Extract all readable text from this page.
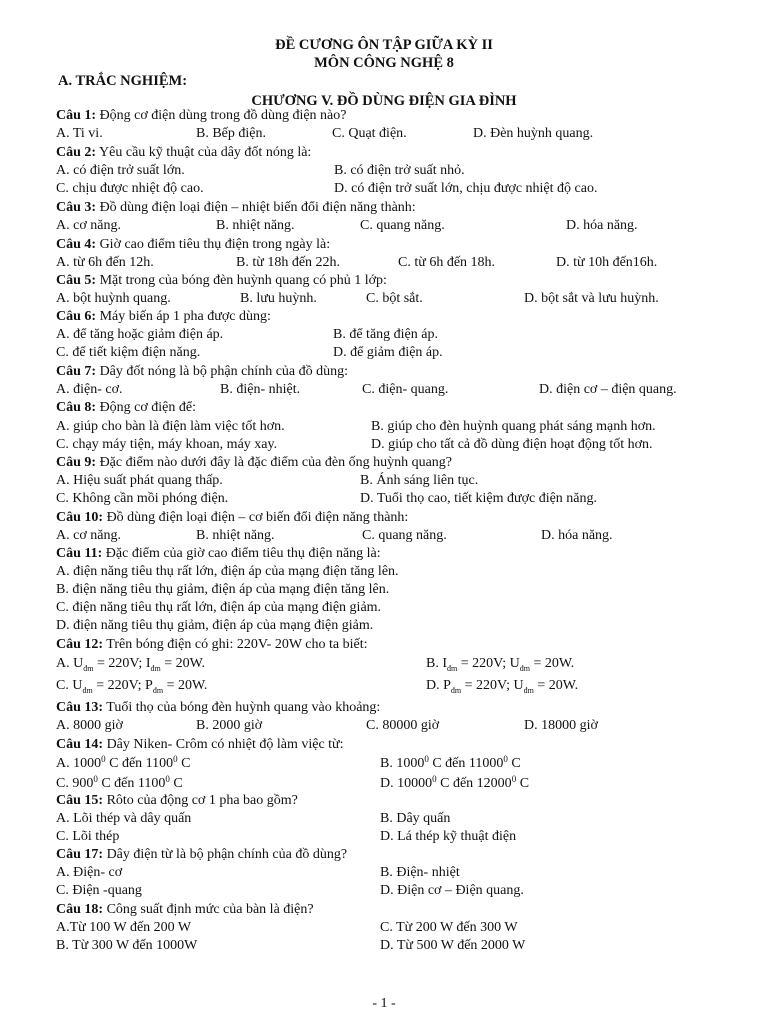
ĐỀ CƯƠNG ÔN TẬP GIỮA KỲ II
MÔN CÔNG NGHỆ 8
A. TRẮC NGHIỆM:
CHƯƠNG V. ĐỒ DÙNG ĐIỆN GIA ĐÌNH
Câu 1: Động cơ điện dùng trong đồ dùng điện nào?
A. Ti vi.	B. Bếp điện.	C. Quạt điện.	D. Đèn huỳnh quang.
Câu 2: Yêu cầu kỹ thuật của dây đốt nóng là:
A. có điện trở suất lớn.	B. có điện trở suất nhỏ.
C. chịu được nhiệt độ cao.	D. có điện trở suất lớn, chịu được nhiệt độ cao.
Câu 3: Đồ dùng điện loại điện – nhiệt biến đổi điện năng thành:
A. cơ năng.	B. nhiệt năng.	C. quang năng.	D. hóa năng.
Câu 4: Giờ cao điểm tiêu thụ điện trong ngày là:
A. từ 6h đến 12h.	B. từ 18h đến 22h.	C. từ 6h đến 18h.	D. từ 10h đến16h.
Câu 5: Mặt trong của bóng đèn huỳnh quang có phủ 1 lớp:
A. bột huỳnh quang.	B. lưu huỳnh.	C. bột sắt.	D. bột sắt và lưu huỳnh.
Câu 6: Máy biến áp 1 pha được dùng:
A. để tăng hoặc giảm điện áp.	B. để tăng điện áp.
C. để tiết kiệm điện năng.	D. để giảm điện áp.
Câu 7: Dây đốt nóng là bộ phận chính của đồ dùng:
A. điện- cơ.	B. điện- nhiệt.	C. điện- quang.	D. điện cơ – điện quang.
Câu 8: Động cơ điện để:
A. giúp cho bàn là điện làm việc tốt hơn.	B. giúp cho đèn huỳnh quang phát sáng mạnh hơn.
C. chạy máy tiện, máy khoan, máy xay.	D. giúp cho tất cả đồ dùng điện hoạt động tốt hơn.
Câu 9: Đặc điểm nào dưới đây là đặc điểm của đèn ống huỳnh quang?
A. Hiệu suất phát quang thấp.	B. Ánh sáng liên tục.
C. Không cần mồi phóng điện.	D. Tuổi thọ cao, tiết kiệm được điện năng.
Câu 10: Đồ dùng điện loại điện – cơ biến đổi điện năng thành:
A. cơ năng.	B. nhiệt năng.	C. quang năng.	D. hóa năng.
Câu 11: Đặc điểm của giờ cao điểm tiêu thụ điện năng là:
A. điện năng tiêu thụ rất lớn, điện áp của mạng điện tăng lên.
B. điện năng tiêu thụ giảm, điện áp của mạng điện tăng lên.
C. điện năng tiêu thụ rất lớn, điện áp của mạng điện giảm.
D. điện năng tiêu thụ giảm, điện áp của mạng điện giảm.
Câu 12: Trên bóng điện có ghi: 220V- 20W cho ta biết:
A. $U_{đm} = 220V$; $I_{đm} = 20W$.	B. $I_{đm} = 220V$; $U_{đm} = 20W$.
C. $U_{đm} = 220V$; $P_{đm} = 20W$.	D. $P_{đm} = 220V$; $U_{đm} = 20W$.
Câu 13: Tuổi thọ của bóng đèn huỳnh quang vào khoảng:
A. 8000 giờ	B. 2000 giờ	C. 80000 giờ	D. 18000 giờ
Câu 14: Dây Niken- Crôm có nhiệt độ làm việc từ:
A. 1000$^0$ C đến 1100$^0$ C	B. 1000$^0$ C đến 11000$^0$ C
C. $900^0$ C đến 1100$^0$ C	D. 10000$^0$ C đến 12000$^0$ C
Câu 15: Rôto của động cơ 1 pha bao gồm?
A. Lõi thép và dây quấn	B. Dây quấn
C. Lõi thép	D. Lá thép kỹ thuật điện
Câu 17: Dây điện từ là bộ phận chính của đồ dùng?
A. Điện- cơ	B. Điện- nhiệt
C. Điện -quang	D. Điện cơ – Điện quang.
Câu 18: Công suất định mức của bàn là điện?
A.Từ 100 W đến 200 W	C. Từ 200 W đến 300 W
B. Từ 300 W đến 1000W	D. Từ 500 W đến 2000 W
- 1 -
